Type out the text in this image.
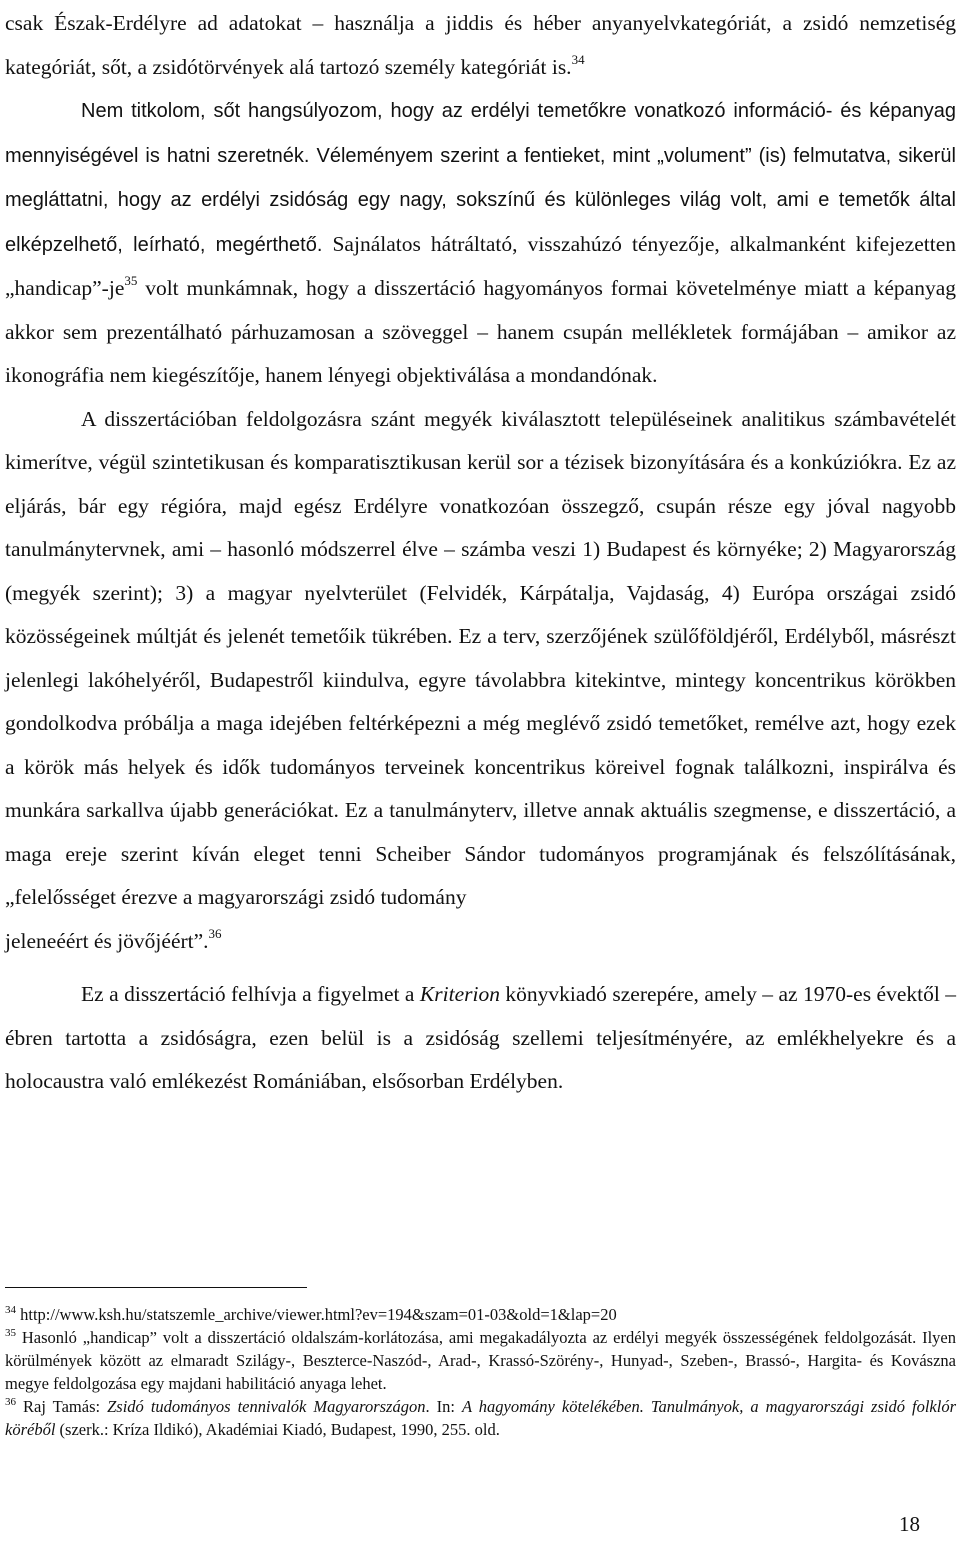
csak Észak-Erdélyre ad adatokat – használja a jiddis és héber anyanyelvkategóriát, a zsidó nemzetiség kategóriát, sőt, a zsidótörvények alá tartozó személy kategóriát is.$^{34}$

Nem titkolom, sőt hangsúlyozom, hogy az erdélyi temetőkre vonatkozó információ- és képanyag mennyiségével is hatni szeretnék. Véleményem szerint a fentieket, mint „volument” (is) felmutatva, sikerül megláttatni, hogy az erdélyi zsidóság egy nagy, sokszínű és különleges világ volt, ami e temetők által elképzelhető, leírható, megérthető. Sajnálatos hátráltató, visszahúzó tényezője, alkalmanként kifejezetten „handicap”-je$^{35}$ volt munkámnak, hogy a disszertáció hagyományos formai követelménye miatt a képanyag akkor sem prezentálható párhuzamosan a szöveggel – hanem csupán mellékletek formájában – amikor az ikonográfia nem kiegészítője, hanem lényegi objektiválása a mondandónak.

A disszertációban feldolgozásra szánt megyék kiválasztott településeinek analitikus számbavételét kimerítve, végül szintetikusan és komparatisztikusan kerül sor a tézisek bizonyítására és a konkúziókra. Ez az eljárás, bár egy régióra, majd egész Erdélyre vonatkozóan összegző, csupán része egy jóval nagyobb tanulmánytervnek, ami – hasonló módszerrel élve – számba veszi 1) Budapest és környéke; 2) Magyarország (megyék szerint); 3) a magyar nyelvterület (Felvidék, Kárpátalja, Vajdaság, 4) Európa országai zsidó közösségeinek múltját és jelenét temetőik tükrében. Ez a terv, szerzőjének szülőföldjéről, Erdélyből, másrészt jelenlegi lakóhelyéről, Budapestről kiindulva, egyre távolabbra kitekintve, mintegy koncentrikus körökben gondolkodva próbálja a maga idejében feltérképezni a még meglévő zsidó temetőket, remélve azt, hogy ezek a körök más helyek és idők tudományos terveinek koncentrikus köreivel fognak találkozni, inspirálva és munkára sarkallva újabb generációkat. Ez a tanulmányterv, illetve annak aktuális szegmense, e disszertáció, a maga ereje szerint kíván eleget tenni Scheiber Sándor tudományos programjának és felszólításának, „felelősséget érezve a magyarországi zsidó tudomány
jeleneéért és jövőjéért”.$^{36}$

Ez a disszertáció felhívja a figyelmet a Kriterion könyvkiadó szerepére, amely – az 1970-es évektől – ébren tartotta a zsidóságra, ezen belül is a zsidóság szellemi teljesítményére, az emlékhelyekre és a holocaustra való emlékezést Romániában, elsősorban Erdélyben.

$^{34}$ http://www.ksh.hu/statszemle_archive/viewer.html?ev=194&szam=01-03&old=1&lap=20

$^{35}$ Hasonló „handicap” volt a disszertáció oldalszám-korlátozása, ami megakadályozta az erdélyi megyék összességének feldolgozását. Ilyen körülmények között az elmaradt Szilágy-, Beszterce-Naszód-, Arad-, Krassó-Szörény-, Hunyad-, Szeben-, Brassó-, Hargita- és Kovászna megye feldolgozása egy majdani habilitáció anyaga lehet.

$^{36}$ Raj Tamás: Zsidó tudományos tennivalók Magyarországon. In: A hagyomány kötelékében. Tanulmányok, a magyarországi zsidó folklór köréből (szerk.: Kríza Ildikó), Akadémiai Kiadó, Budapest, 1990, 255. old.

18
